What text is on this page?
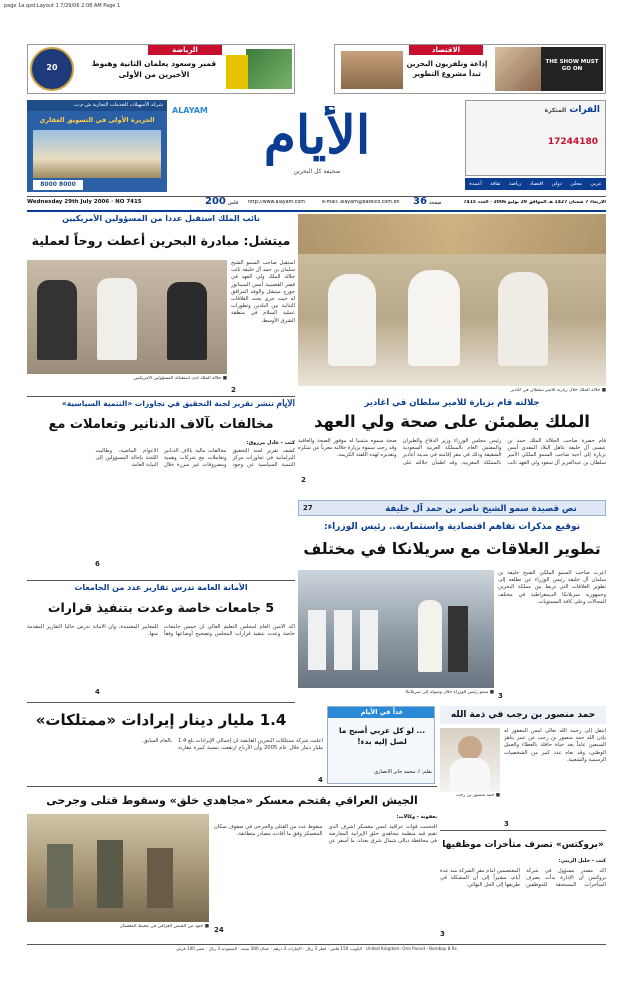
page 1a.qxd:Layout 1 7/29/06 2:08 AM Page 1
20
الرياضة
قمبر وسعود يعلمان الثانية وهبوط الأخيرين من الأولى
الاقتصاد
إذاعة وتلفزيون البحرين تبدأ مشروع التطوير
THE SHOW MUST GO ON
شركة الأسهيلات للخدمات التجارية ش.م.ب
الجزيرة الأولى في التسويق العقاري
8000 8000
ALAYAM	الأيام
صحيفة كل البحرين
الفرات المتكرة
17244180
عربي
محلي
دولي
اقتصاد
رياضة
ثقافة
أعمدة
Wednesday 29th July 2006 · NO 7415	200 فلس	http://www.alayam.com	e-mail: alayam@batelco.com.bh	36 صفحة	الأربعاء 7 شعبان 1427 هـ الموافق 29 يوليو 2006 · العدد 7415
■ جلالة الملك خلال زيارته للأمير سلطان في أغادير
جلالته قام بزيارة للأمير سلطان في أغادير
الملك يطمئن على صحة ولي العهد
قام حضرة صاحب الجلالة الملك حمد بن عيسى آل خليفة عاهل البلاد المفدى أمس بزيارة إلى أخيه صاحب السمو الملكي الأمير سلطان بن عبدالعزيز آل سعود ولي العهد نائب رئيس مجلس الوزراء وزير الدفاع والطيران والمفتش العام بالمملكة العربية السعودية الشقيقة وذلك في مقر إقامته في مدينة أغادير بالمملكة المغربية. وقد اطمأن جلالته على صحة سموه متمنياً له موفور الصحة والعافية وقد رحب سموه بزيارة جلالته معرباً عن شكره وتقديره لهذه اللفتة الكريمة.
2
نائب الملك استقبل عدداً من المسؤولين الأمريكيين
ميتشل: مبادرة البحرين أعطت روحاً لعملية
■ جلالة الملك لدى استقباله المسؤولين الأمريكيين
استقبل صاحب السمو الشيخ سلمان بن حمد آل خليفة نائب جلالة الملك ولي العهد في قصر القضيبية أمس السيناتور جورج ميتشل والوفد المرافق له حيث جرى بحث العلاقات الثنائية بين البلدين وتطورات عملية السلام في منطقة الشرق الأوسط.
2
الأيام تنشر تقرير لجنة التحقيق في تجاوزات «التنمية السياسية»
مخالفات بآلاف الدنانير وتعاملات مع
كتب - عادل مرزوق:
كشف تقرير لجنة التحقيق البرلمانية في تجاوزات مركز التنمية السياسية عن وجود مخالفات مالية بآلاف الدنانير وتعاملات مع شركات وهمية ومصروفات غير مبررة خلال الأعوام الماضية، وطالبت اللجنة بإحالة المسؤولين إلى النيابة العامة.
6
نص قصيدة سمو الشيخ ناصر بن حمد آل خليفة
27
توقيع مذكرات تفاهم اقتصادية واستثمارية.. رئيس الوزراء:
تطوير العلاقات مع سريلانكا في مختلف
■ سمو رئيس الوزراء خلال وصوله إلى سريلانكا
أعرب صاحب السمو الملكي الشيخ خليفة بن سلمان آل خليفة رئيس الوزراء عن تطلعه إلى تطوير العلاقات التي تربط بين مملكة البحرين وجمهورية سريلانكا الديمقراطية في مختلف المجالات وعلى كافة المستويات.
3
الأمانة العامة تدرس تقارير عدد من الجامعات
5 جامعات خاصة وعدت بتنفيذ قرارات
أكد الأمين العام لمجلس التعليم العالي أن خمس جامعات خاصة وعدت بتنفيذ قرارات المجلس وتصحيح أوضاعها وفقاً للمعايير المعتمدة، وأن الأمانة تدرس حالياً التقارير المقدمة منها.
4
1.4 مليار دينار إيرادات «ممتلكات»	غداً في الأيام
... لو كل عربي أصبح ما لصل إليه بدء!
بقلم: أ. محمد جابر الأنصاري
حمد منصور بن رجب في ذمة الله
■ حمد منصور بن رجب
انتقل إلى رحمة الله تعالى أمس المغفور له بإذن الله حمد منصور بن رجب عن عمر يناهز السبعين عاماً بعد حياة حافلة بالعطاء والعمل الوطني، وقد نعاه عدد كبير من الشخصيات الرسمية والشعبية.
3
أعلنت شركة ممتلكات البحرين القابضة أن إجمالي الإيرادات بلغ 1.4 مليار دينار خلال عام 2005 وأن الأرباح ارتفعت بنسبة كبيرة مقارنة بالعام السابق.
4
الجيش العراقي يقتحم معسكر «مجاهدي خلق» وسقوط قتلى وجرحى
بعقوبة - وكالات:
■ جنود من الجيش العراقي في محيط المعسكر
اقتحمت قوات عراقية أمس معسكر أشرف الذي تقيم فيه منظمة مجاهدي خلق الإيرانية المعارضة في محافظة ديالى شمال شرق بغداد، ما أسفر عن سقوط عدد من القتلى والجرحى في صفوف سكان المعسكر وفق ما أفادت مصادر متطابقة.
24
«بروكتس» تصرف متأخرات موظفيها
كتب - خليل الزيني:
أكد مصدر مسؤول في شركة بروكتس أن الإدارة بدأت بصرف المتأخرات المستحقة للموظفين المعتصمين أمام مقر الشركة منذ عدة أيام، مشيراً إلى أن المشكلة في طريقها إلى الحل النهائي.
3
United Kingdom: One Pound - Bombay 8 Rs · الكويت 150 فلس · قطر 3 ريال · الإمارات 3 درهم · عمان 300 بيسة · السعودية 3 ريال · مصر 100 قرش
